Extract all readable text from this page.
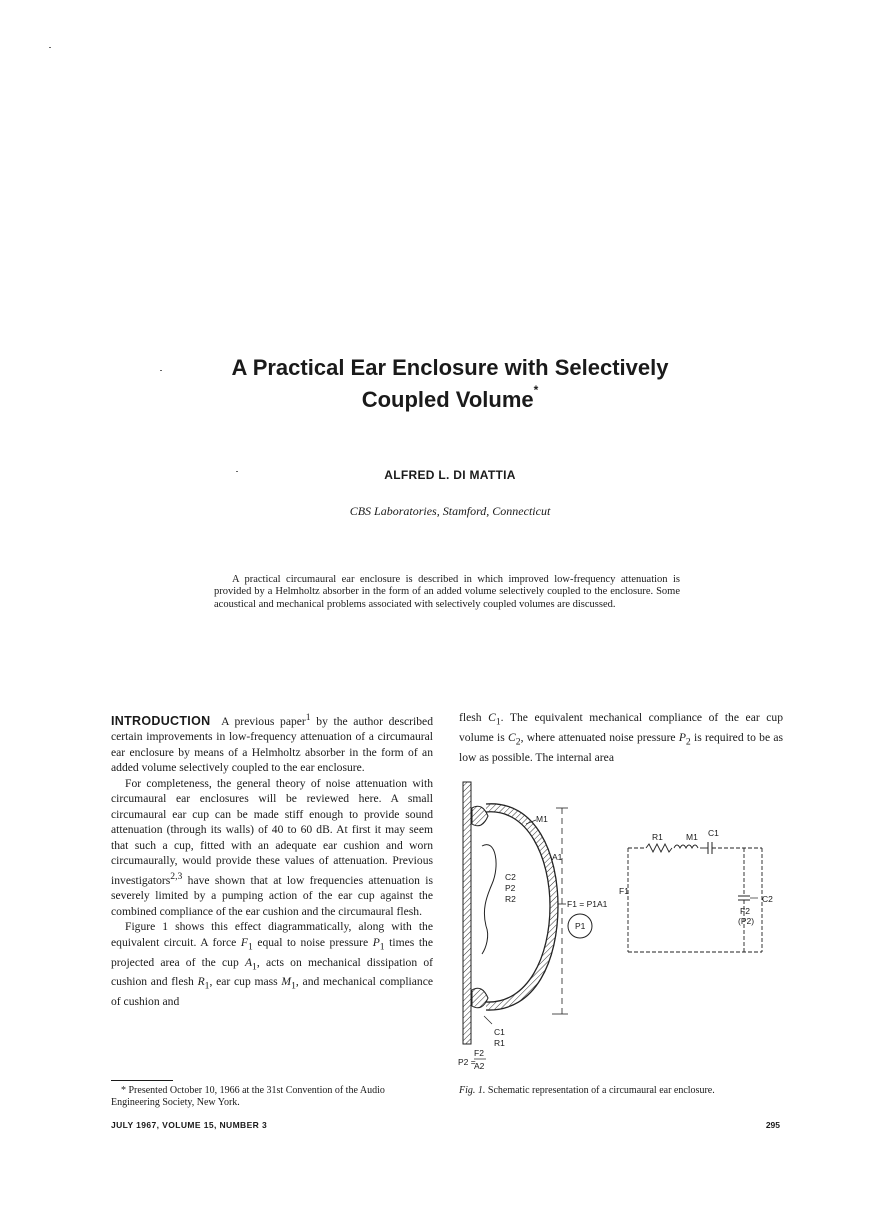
A Practical Ear Enclosure with Selectively
Coupled Volume*
ALFRED L. DI MATTIA
CBS Laboratories, Stamford, Connecticut

A practical circumaural ear enclosure is described in which improved low-frequency attenuation is provided by a Helmholtz absorber in the form of an added volume selectively coupled to the enclosure. Some acoustical and mechanical problems associated with selectively coupled volumes are discussed.

INTRODUCTION A previous paper$^1$ by the author described certain improvements in low-frequency attenuation of a circumaural ear enclosure by means of a Helmholtz absorber in the form of an added volume selectively coupled to the ear enclosure.

For completeness, the general theory of noise attenuation with circumaural ear enclosures will be reviewed here. A small circumaural ear cup can be made stiff enough to provide sound attenuation (through its walls) of 40 to 60 dB. At first it may seem that such a cup, fitted with an adequate ear cushion and worn circumaurally, would provide these values of attenuation. Previous investigators$^{2,3}$ have shown that at low frequencies attenuation is severely limited by a pumping action of the ear cup against the combined compliance of the ear cushion and the circumaural flesh.

Figure 1 shows this effect diagrammatically, along with the equivalent circuit. A force $F_1$ equal to noise pressure $P_1$ times the projected area of the cup $A_1$, acts on mechanical dissipation of cushion and flesh $R_1$, ear cup mass $M_1$, and mechanical compliance of cushion and

flesh $C_1$. The equivalent mechanical compliance of the ear cup volume is $C_2$, where attenuated noise pressure $P_2$ is required to be as low as possible. The internal area

M1
A1
C2
P2
R2	F1 = P1A1
P1
C1
R1
F2
P2 =
A2
R1	M1 C1
F1
C2
F2
(P2)
Fig. 1. Schematic representation of a circumaural ear enclosure.
* Presented October 10, 1966 at the 31st Convention of the Audio Engineering Society, New York.
JULY 1967, VOLUME 15, NUMBER 3	295
